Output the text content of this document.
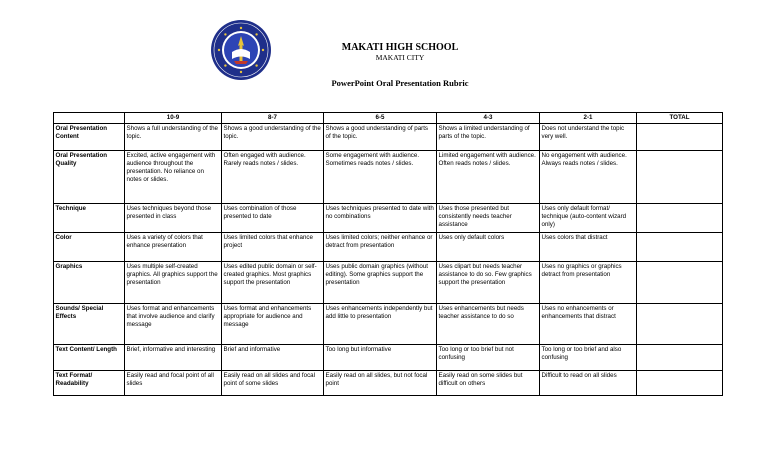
MAKATI HIGH SCHOOL
MAKATI CITY
PowerPoint Oral Presentation Rubric
	10-9	8-7	6-5	4-3	2-1	TOTAL
Oral Presentation Content	Shows a full understanding of the topic.	Shows a good understanding of the topic.	Shows a good understanding of parts of the topic.	Shows a limited understanding of parts of the topic.	Does not understand the topic very well.	
Oral Presentation Quality	Excited, active engagement with audience throughout the presentation. No reliance on notes or slides.	Often engaged with audience. Rarely reads notes / slides.	Some engagement with audience. Sometimes reads notes / slides.	Limited engagement with audience. Often reads notes / slides.	No engagement with audience. Always reads notes / slides.	
Technique	Uses techniques beyond those presented in class	Uses combination of those presented to date	Uses techniques presented to date with no combinations	Uses those presented but consistently needs teacher assistance	Uses only default format/ technique (auto-content wizard only)	
Color	Uses a variety of colors that enhance presentation	Uses limited colors that enhance project	Uses limited colors; neither enhance or detract from presentation	Uses only default colors	Uses colors that distract	
Graphics	Uses multiple self-created graphics. All graphics support the presentation	Uses edited public domain or self-created graphics. Most graphics support the presentation	Uses public domain graphics (without editing). Some graphics support the presentation	Uses clipart but needs teacher assistance to do so. Few graphics support the presentation	Uses no graphics or graphics detract from presentation	
Sounds/ Special Effects	Uses format and enhancements that involve audience and clarify message	Uses format and enhancements appropriate for audience and message	Uses enhancements independently but add little to presentation	Uses enhancements but needs teacher assistance to do so	Uses no enhancements or enhancements that distract	
Text Content/ Length	Brief, informative and interesting	Brief and informative	Too long but informative	Too long or too brief but not confusing	Too long or too brief and also confusing	
Text Format/ Readability	Easily read and focal point of all slides	Easily read on all slides and focal point of some slides	Easily read on all slides, but not focal point	Easily read on some slides but difficult on others	Difficult to read on all slides	
